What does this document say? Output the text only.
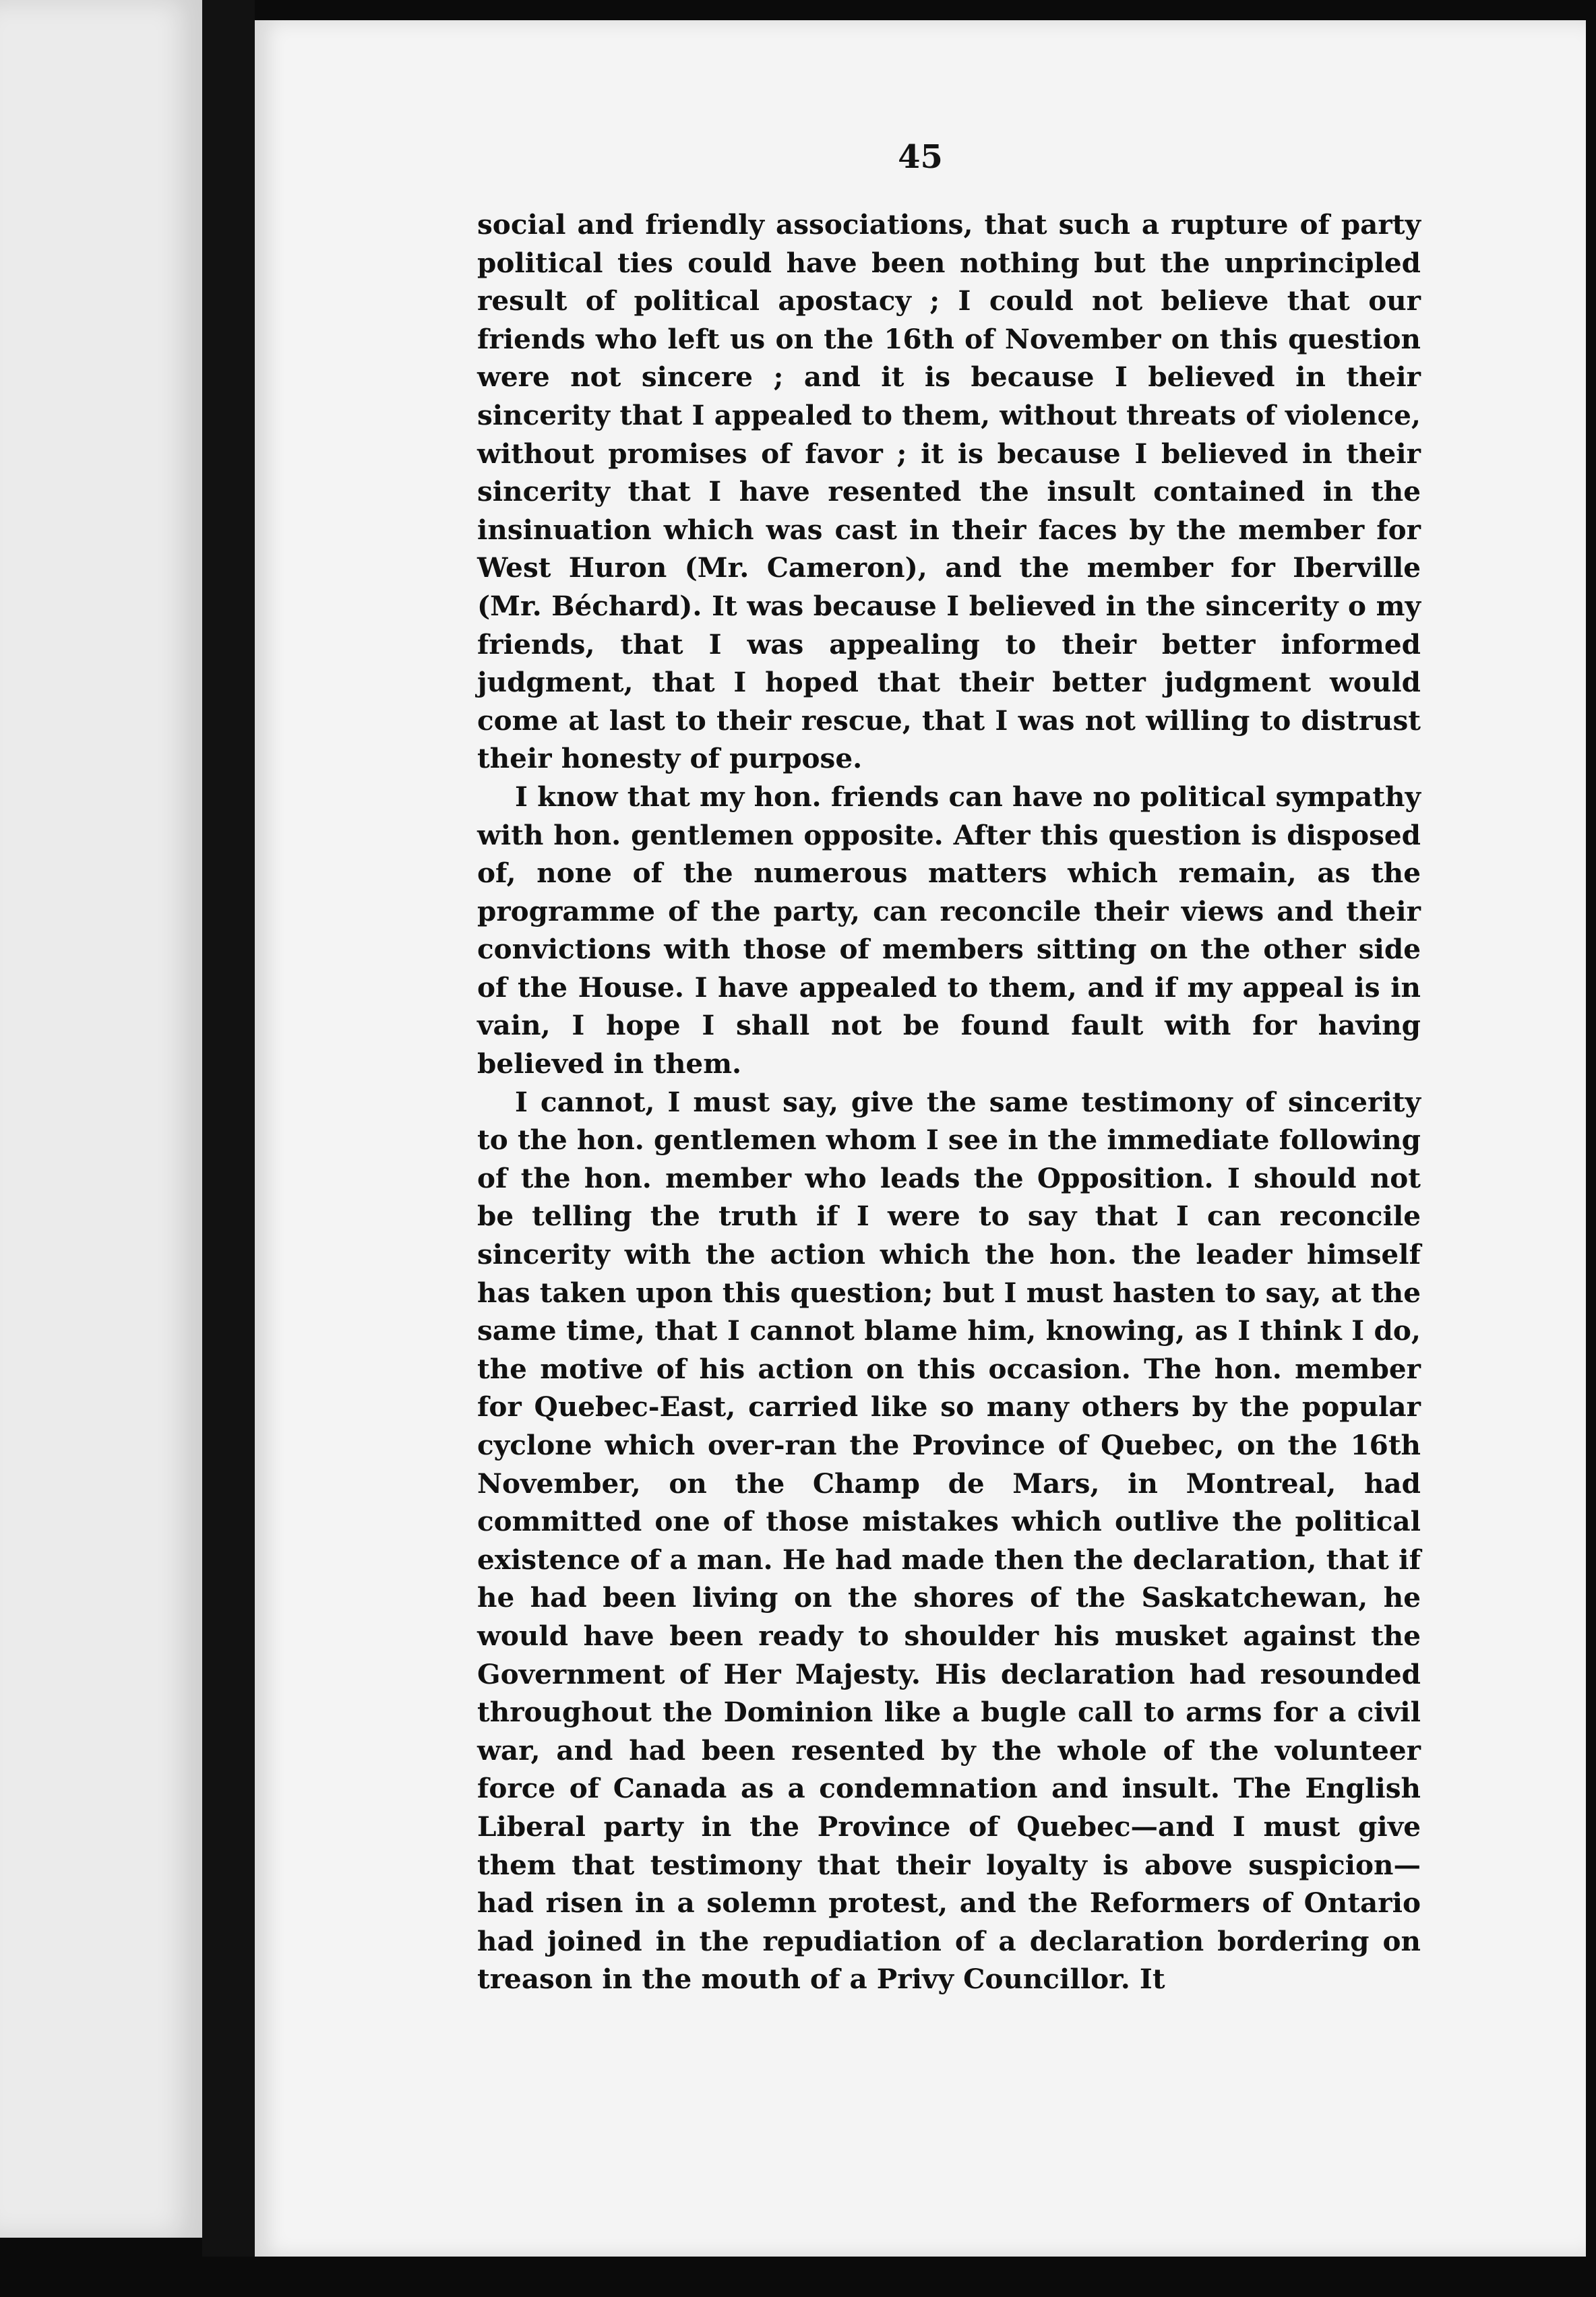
45

social and friendly associations, that such a rupture of party political ties could have been nothing but the unprincipled result of political apostacy ; I could not believe that our friends who left us on the 16th of November on this question were not sincere ; and it is because I believed in their sincerity that I appealed to them, without threats of violence, without promises of favor ; it is because I believed in their sincerity that I have resented the insult contained in the insinuation which was cast in their faces by the member for West Huron (Mr. Cameron), and the member for Iberville (Mr. Béchard). It was because I believed in the sincerity o my friends, that I was appealing to their better informed judgment, that I hoped that their better judgment would come at last to their rescue, that I was not willing to distrust their honesty of purpose.

I know that my hon. friends can have no political sympathy with hon. gentlemen opposite. After this question is disposed of, none of the numerous matters which remain, as the programme of the party, can reconcile their views and their convictions with those of members sitting on the other side of the House. I have appealed to them, and if my appeal is in vain, I hope I shall not be found fault with for having believed in them.

I cannot, I must say, give the same testimony of sincerity to the hon. gentlemen whom I see in the immediate following of the hon. member who leads the Opposition. I should not be telling the truth if I were to say that I can reconcile sincerity with the action which the hon. the leader himself has taken upon this question; but I must hasten to say, at the same time, that I cannot blame him, knowing, as I think I do, the motive of his action on this occasion. The hon. member for Quebec-East, carried like so many others by the popular cyclone which over-ran the Province of Quebec, on the 16th November, on the Champ de Mars, in Montreal, had committed one of those mistakes which outlive the political existence of a man. He had made then the declaration, that if he had been living on the shores of the Saskatchewan, he would have been ready to shoulder his musket against the Government of Her Majesty. His declaration had resounded throughout the Dominion like a bugle call to arms for a civil war, and had been resented by the whole of the volunteer force of Canada as a condemnation and insult. The English Liberal party in the Province of Quebec—and I must give them that testimony that their loyalty is above suspicion—had risen in a solemn protest, and the Reformers of Ontario had joined in the repudiation of a declaration bordering on treason in the mouth of a Privy Councillor. It
